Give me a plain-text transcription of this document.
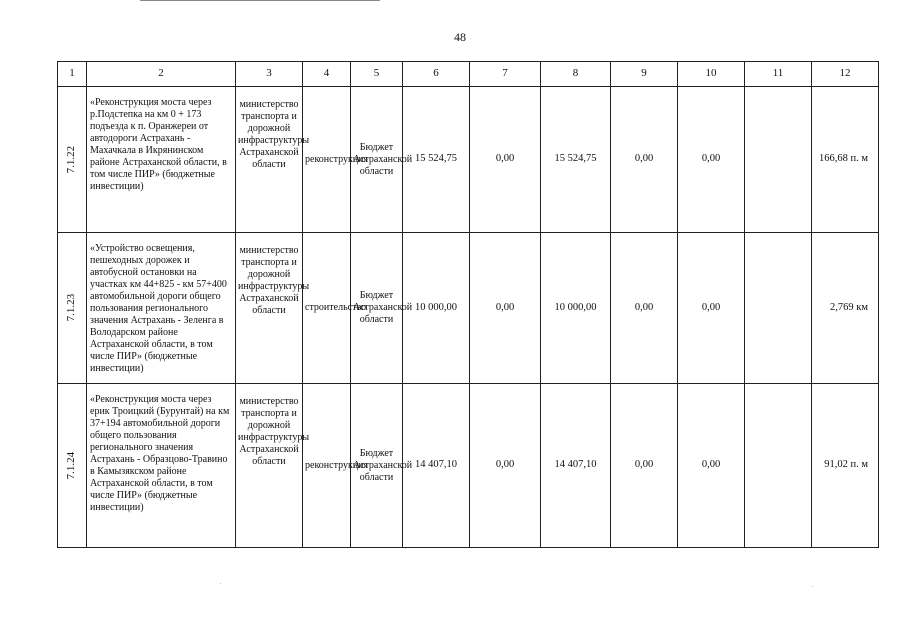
48
1	2	3	4	5	6	7	8	9	10	11	12

7.1.22	«Реконструкция моста через р.Подстепка на км 0 + 173 подъезда к п. Оранжереи от автодороги Астрахань - Махачкала в Икрянинском районе Астраханской области, в том числе ПИР» (бюджетные инвестиции)	министерство транспорта и дорожной инфраструктуры Астраханской области	реконструкция	Бюджет Астраханской области	15 524,75	0,00	15 524,75	0,00	0,00		166,68 п. м

7.1.23	«Устройство освещения, пешеходных дорожек и автобусной остановки на участках км 44+825 - км 57+400 автомобильной дороги общего пользования регионального значения Астрахань - Зеленга в Володарском районе Астраханской области, в том числе ПИР» (бюджетные инвестиции)	министерство транспорта и дорожной инфраструктуры Астраханской области	строительство	Бюджет Астраханской области	10 000,00	0,00	10 000,00	0,00	0,00		2,769 км

7.1.24	«Реконструкция моста через ерик Троицкий (Бурунтай) на км 37+194 автомобильной дороги общего пользования регионального значения Астрахань - Образцово-Травино в Камызякском районе Астраханской области, в том числе ПИР» (бюджетные инвестиции)	министерство транспорта и дорожной инфраструктуры Астраханской области	реконструкция	Бюджет Астраханской области	14 407,10	0,00	14 407,10	0,00	0,00		91,02 п. м
